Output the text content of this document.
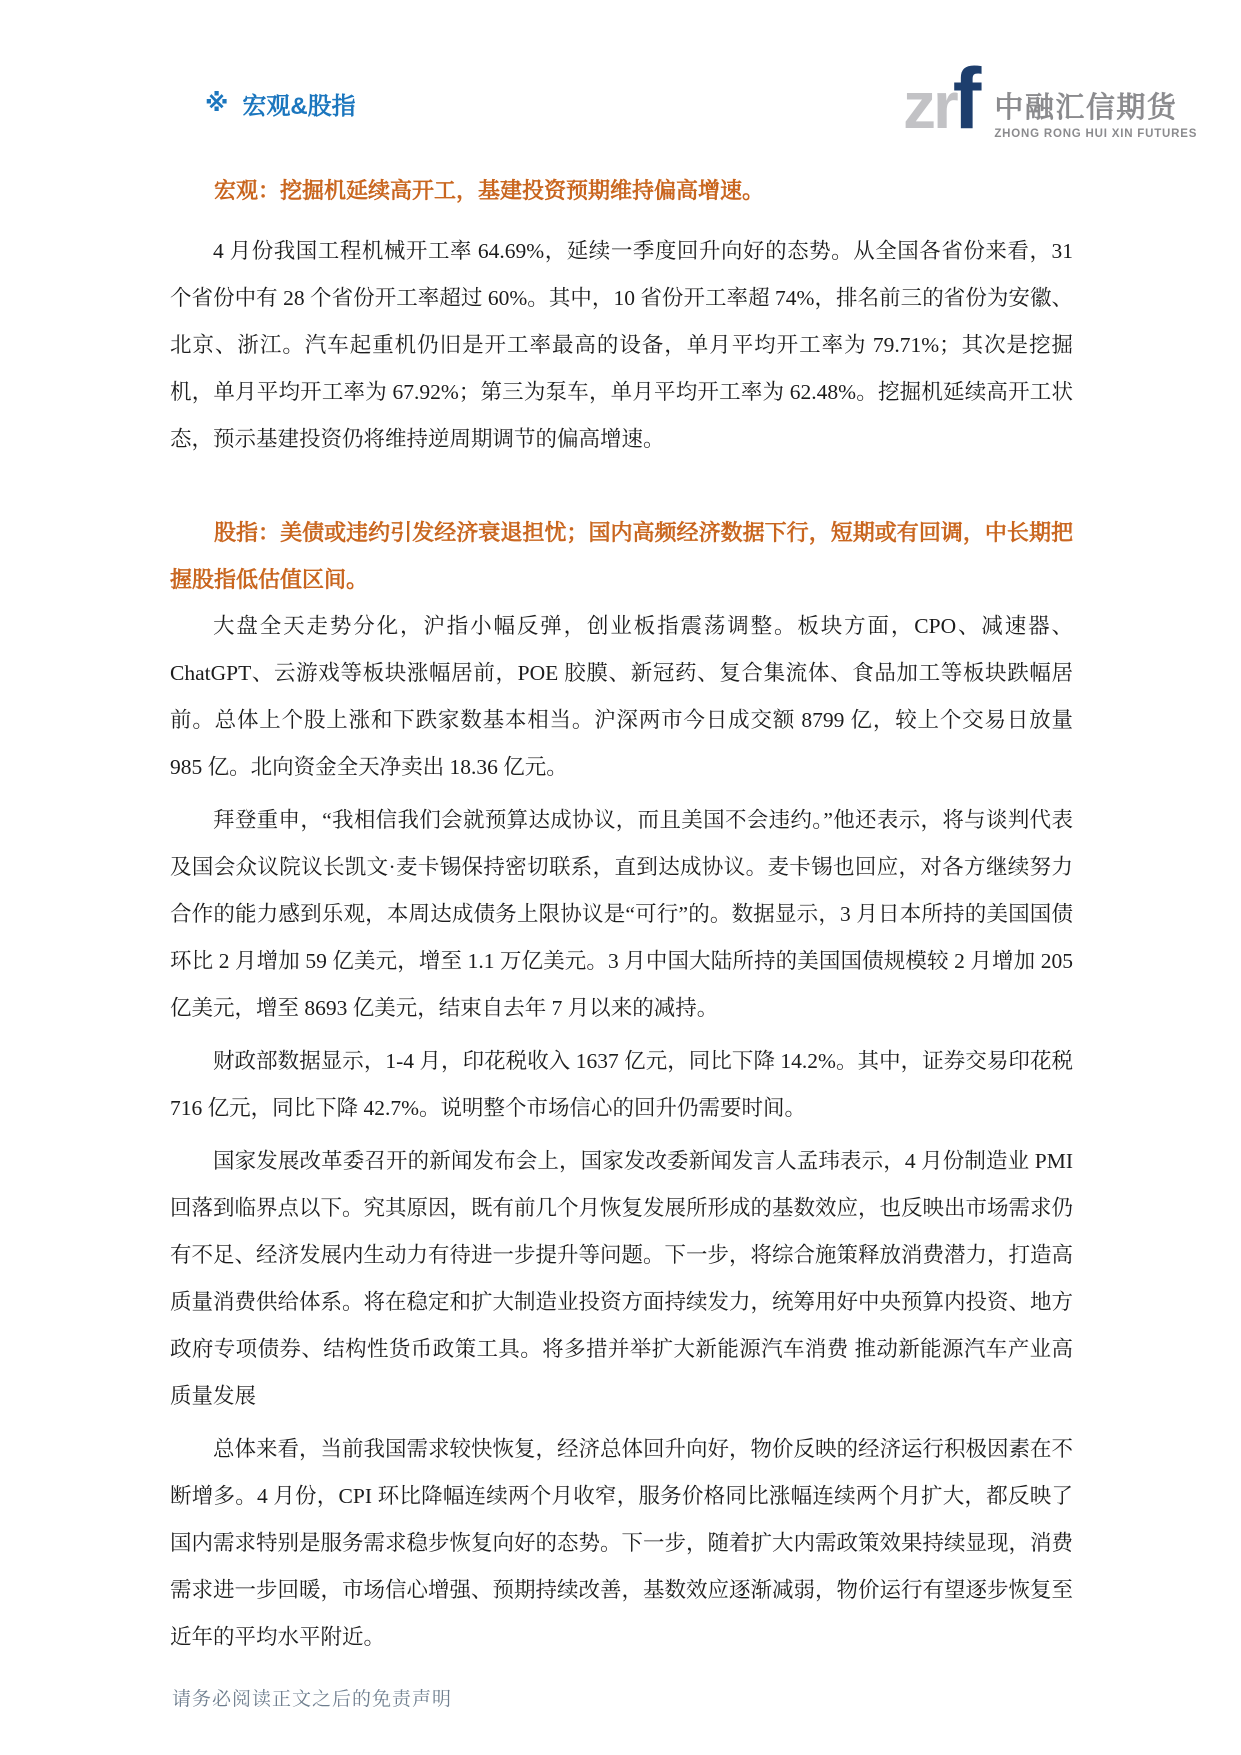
※ 宏观&股指	zr
f 中融汇信期货
ZHONG RONG HUI XIN FUTURES
宏观：挖掘机延续高开工，基建投资预期维持偏高增速。

4 月份我国工程机械开工率 64.69%，延续一季度回升向好的态势。从全国各省份来看，31 个省份中有 28 个省份开工率超过 60%。其中，10 省份开工率超 74%，排名前三的省份为安徽、北京、浙江。汽车起重机仍旧是开工率最高的设备，单月平均开工率为 79.71%；其次是挖掘机，单月平均开工率为 67.92%；第三为泵车，单月平均开工率为 62.48%。挖掘机延续高开工状态，预示基建投资仍将维持逆周期调节的偏高增速。

股指：美债或违约引发经济衰退担忧；国内高频经济数据下行，短期或有回调，中长期把握股指低估值区间。

大盘全天走势分化，沪指小幅反弹，创业板指震荡调整。板块方面，CPO、减速器、ChatGPT、云游戏等板块涨幅居前，POE 胶膜、新冠药、复合集流体、食品加工等板块跌幅居前。总体上个股上涨和下跌家数基本相当。沪深两市今日成交额 8799 亿，较上个交易日放量 985 亿。北向资金全天净卖出 18.36 亿元。

拜登重申，“我相信我们会就预算达成协议，而且美国不会违约。”他还表示，将与谈判代表及国会众议院议长凯文·麦卡锡保持密切联系，直到达成协议。麦卡锡也回应，对各方继续努力合作的能力感到乐观，本周达成债务上限协议是“可行”的。数据显示，3 月日本所持的美国国债环比 2 月增加 59 亿美元，增至 1.1 万亿美元。3 月中国大陆所持的美国国债规模较 2 月增加 205 亿美元，增至 8693 亿美元，结束自去年 7 月以来的减持。

财政部数据显示，1-4 月，印花税收入 1637 亿元，同比下降 14.2%。其中，证券交易印花税 716 亿元，同比下降 42.7%。说明整个市场信心的回升仍需要时间。

国家发展改革委召开的新闻发布会上，国家发改委新闻发言人孟玮表示，4 月份制造业 PMI 回落到临界点以下。究其原因，既有前几个月恢复发展所形成的基数效应，也反映出市场需求仍有不足、经济发展内生动力有待进一步提升等问题。下一步，将综合施策释放消费潜力，打造高质量消费供给体系。将在稳定和扩大制造业投资方面持续发力，统筹用好中央预算内投资、地方政府专项债券、结构性货币政策工具。将多措并举扩大新能源汽车消费 推动新能源汽车产业高质量发展

总体来看，当前我国需求较快恢复，经济总体回升向好，物价反映的经济运行积极因素在不断增多。4 月份，CPI 环比降幅连续两个月收窄，服务价格同比涨幅连续两个月扩大，都反映了国内需求特别是服务需求稳步恢复向好的态势。下一步，随着扩大内需政策效果持续显现，消费需求进一步回暖，市场信心增强、预期持续改善，基数效应逐渐减弱，物价运行有望逐步恢复至近年的平均水平附近。

请务必阅读正文之后的免责声明
